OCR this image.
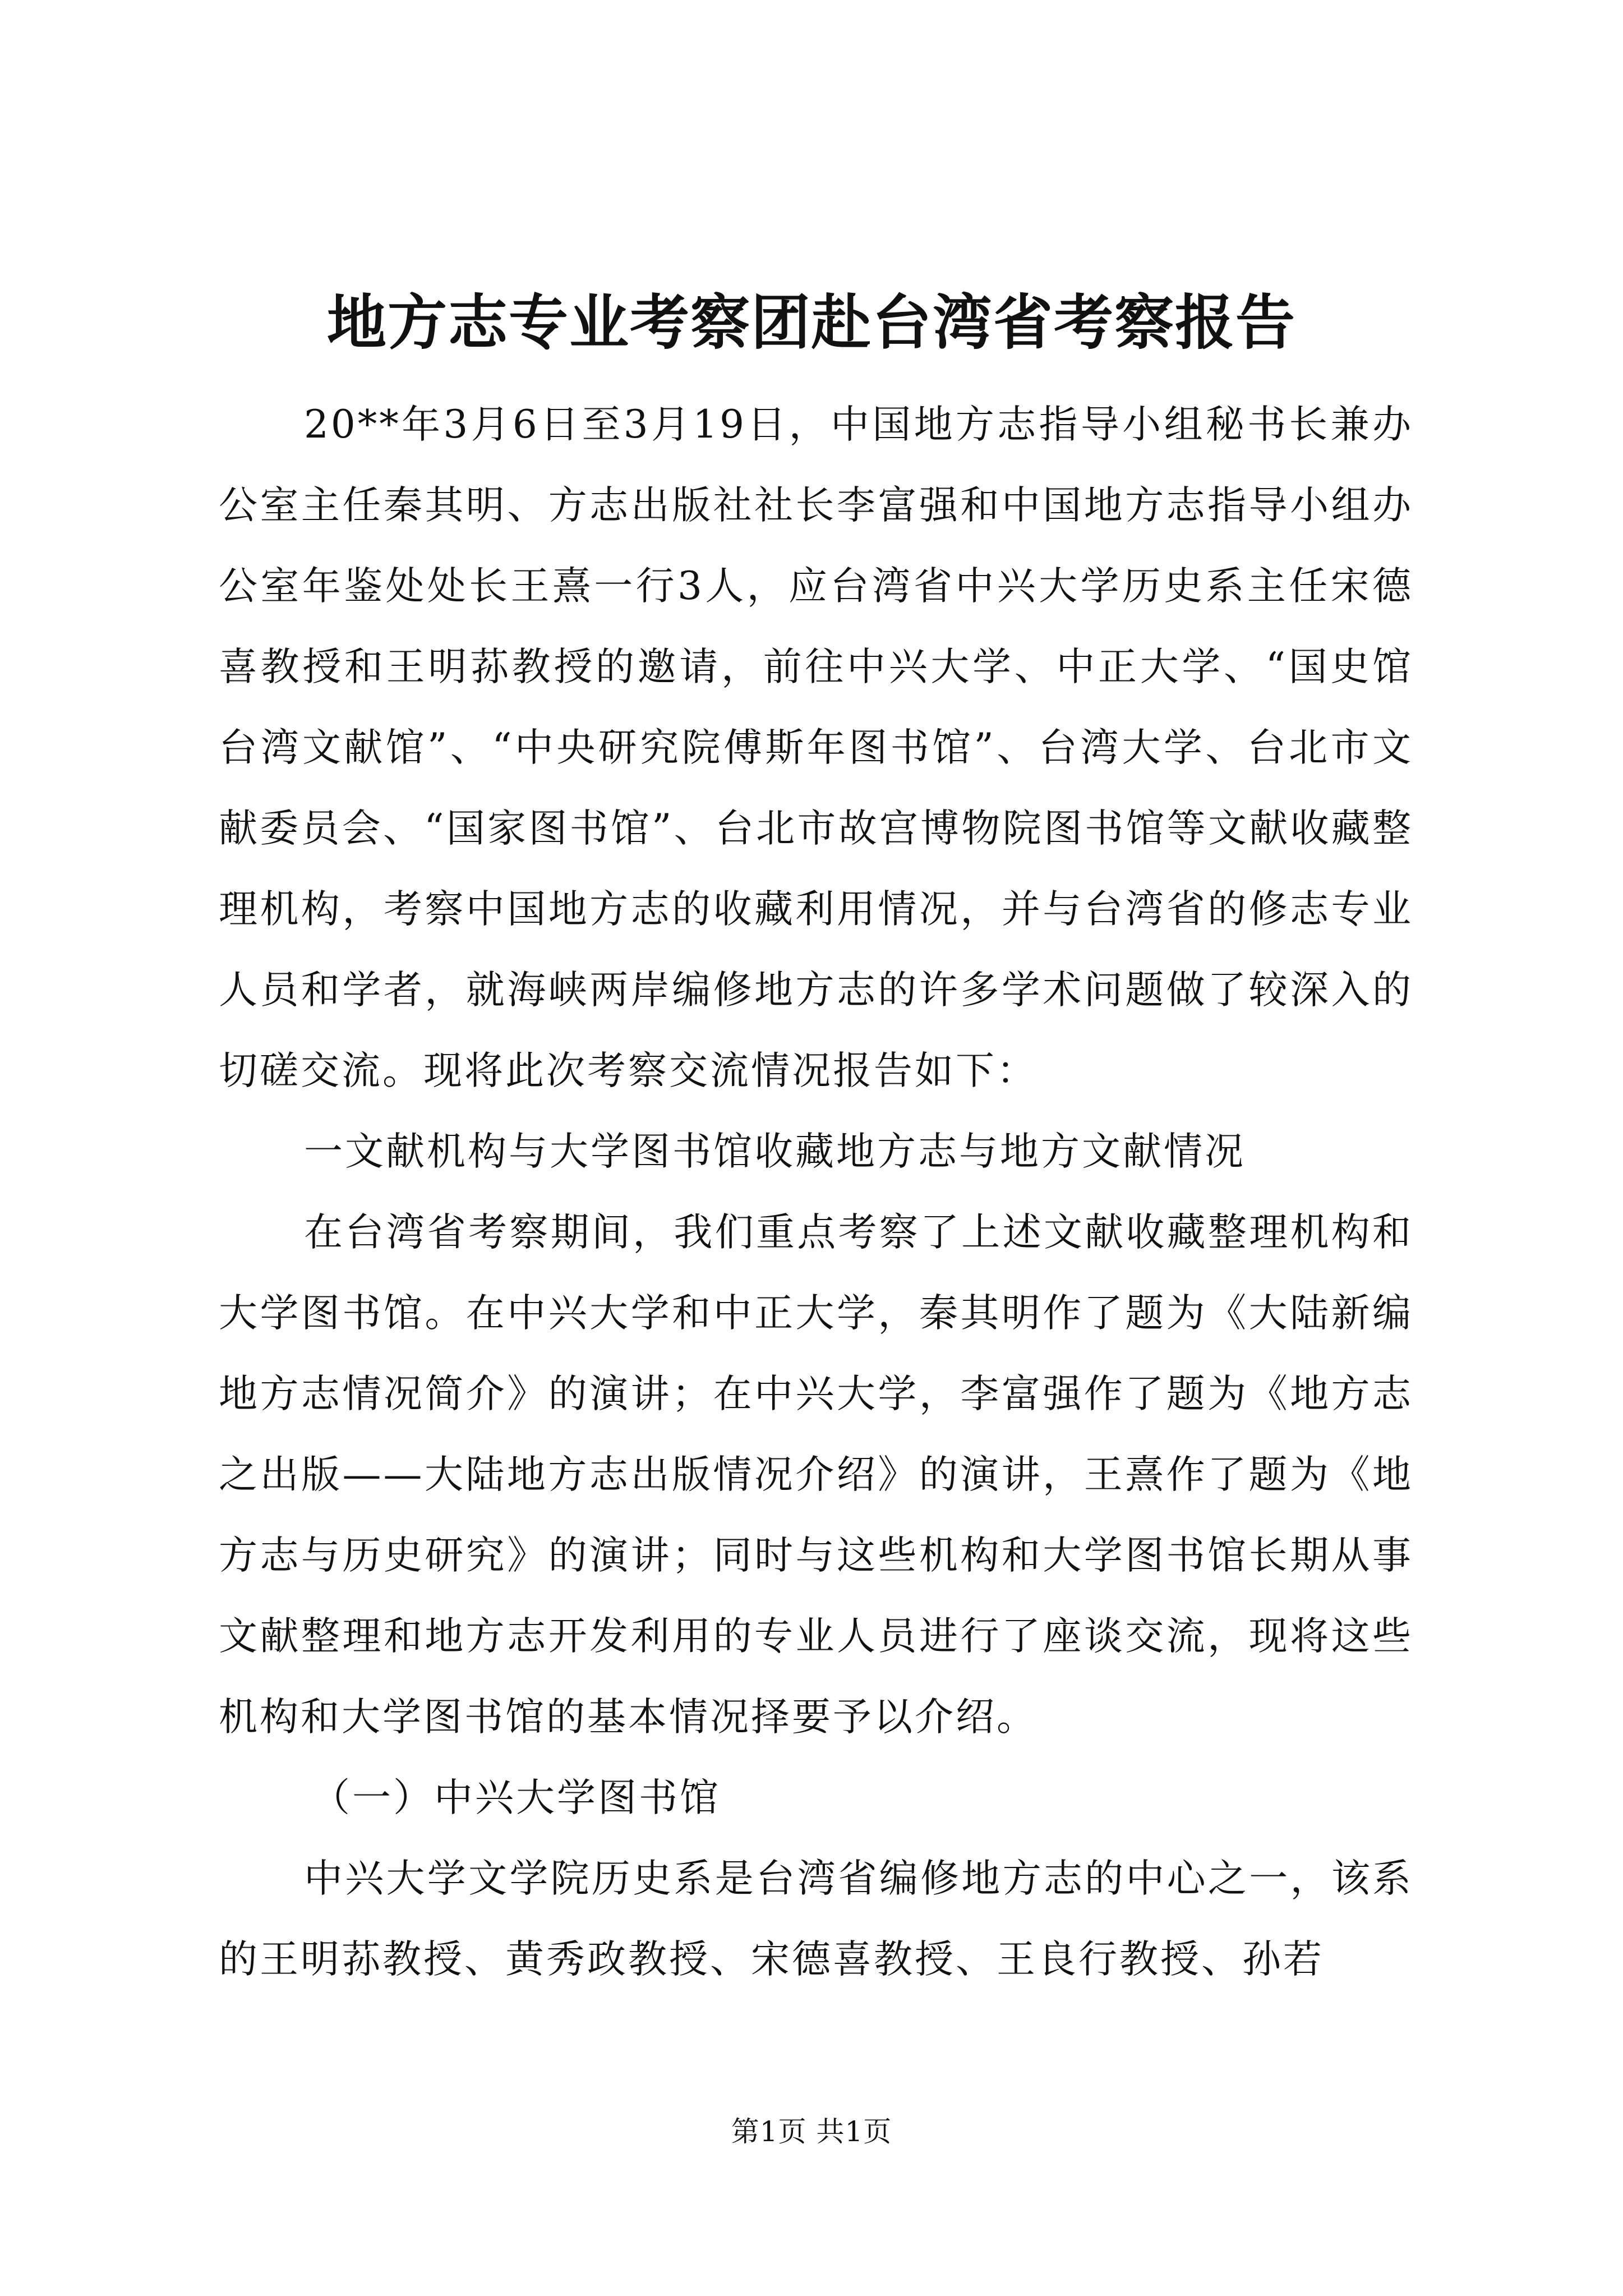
地方志专业考察团赴台湾省考察报告

20**年3月6日至3月19日，中国地方志指导小组秘书长兼办公室主任秦其明、方志出版社社长李富强和中国地方志指导小组办公室年鉴处处长王熹一行3人，应台湾省中兴大学历史系主任宋德喜教授和王明荪教授的邀请，前往中兴大学、中正大学、“国史馆台湾文献馆”、“中央研究院傅斯年图书馆”、台湾大学、台北市文献委员会、“国家图书馆”、台北市故宫博物院图书馆等文献收藏整理机构，考察中国地方志的收藏利用情况，并与台湾省的修志专业人员和学者，就海峡两岸编修地方志的许多学术问题做了较深入的切磋交流。现将此次考察交流情况报告如下：

一文献机构与大学图书馆收藏地方志与地方文献情况

在台湾省考察期间，我们重点考察了上述文献收藏整理机构和大学图书馆。在中兴大学和中正大学，秦其明作了题为《大陆新编地方志情况简介》的演讲；在中兴大学，李富强作了题为《地方志之出版——大陆地方志出版情况介绍》的演讲，王熹作了题为《地方志与历史研究》的演讲；同时与这些机构和大学图书馆长期从事文献整理和地方志开发利用的专业人员进行了座谈交流，现将这些机构和大学图书馆的基本情况择要予以介绍。

（一）中兴大学图书馆

中兴大学文学院历史系是台湾省编修地方志的中心之一，该系的王明荪教授、黄秀政教授、宋德喜教授、王良行教授、孙若

第1页 共1页
